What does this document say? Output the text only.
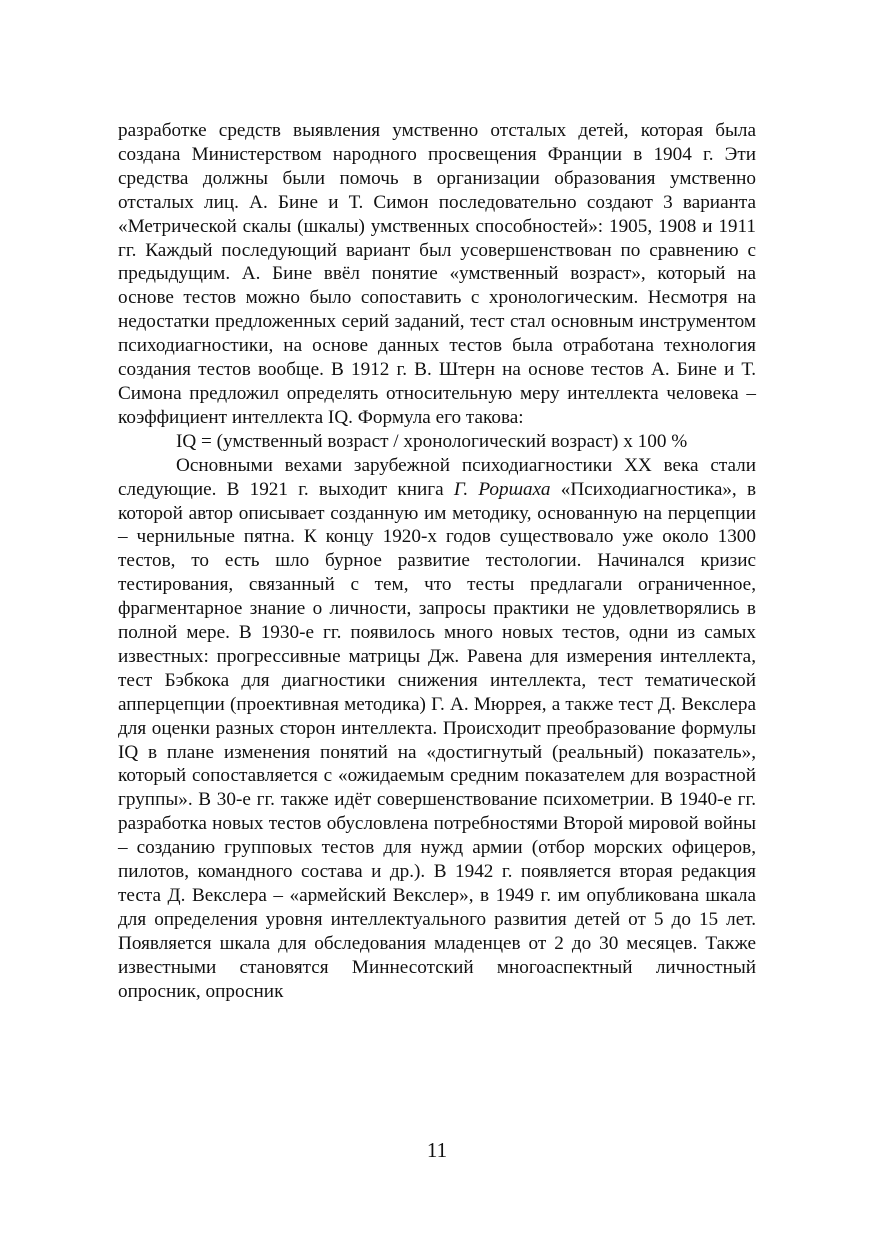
разработке средств выявления умственно отсталых детей, которая была создана Министерством народного просвещения Франции в 1904 г. Эти средства должны были помочь в организации образования умственно отсталых лиц. А. Бине и Т. Симон последовательно создают 3 варианта «Метрической скалы (шкалы) умственных способностей»: 1905, 1908 и 1911 гг. Каждый последующий вариант был усовершенствован по сравнению с предыдущим. А. Бине ввёл понятие «умственный возраст», который на основе тестов можно было сопоставить с хронологическим. Несмотря на недостатки предложенных серий заданий, тест стал основным инструментом психодиагностики, на основе данных тестов была отработана технология создания тестов вообще. В 1912 г. В. Штерн на основе тестов А. Бине и Т. Симона предложил определять относительную меру интеллекта человека – коэффициент интеллекта IQ. Формула его такова:

IQ = (умственный возраст / хронологический возраст) х 100 %

Основными вехами зарубежной психодиагностики XX века стали следующие. В 1921 г. выходит книга Г. Роршаха «Психодиагностика», в которой автор описывает созданную им методику, основанную на перцепции – чернильные пятна. К концу 1920-х годов существовало уже около 1300 тестов, то есть шло бурное развитие тестологии. Начинался кризис тестирования, связанный с тем, что тесты предлагали ограниченное, фрагментарное знание о личности, запросы практики не удовлетворялись в полной мере. В 1930-е гг. появилось много новых тестов, одни из самых известных: прогрессивные матрицы Дж. Равена для измерения интеллекта, тест Бэбкока для диагностики снижения интеллекта, тест тематической апперцепции (проективная методика) Г. А. Мюррея, а также тест Д. Векслера для оценки разных сторон интеллекта. Происходит преобразование формулы IQ в плане изменения понятий на «достигнутый (реальный) показатель», который сопоставляется с «ожидаемым средним показателем для возрастной группы». В 30-е гг. также идёт совершенствование психометрии. В 1940-е гг. разработка новых тестов обусловлена потребностями Второй мировой войны – созданию групповых тестов для нужд армии (отбор морских офицеров, пилотов, командного состава и др.). В 1942 г. появляется вторая редакция теста Д. Векслера – «армейский Векслер», в 1949 г. им опубликована шкала для определения уровня интеллектуального развития детей от 5 до 15 лет. Появляется шкала для обследования младенцев от 2 до 30 месяцев. Также известными становятся Миннесотский многоаспектный личностный опросник, опросник

11
